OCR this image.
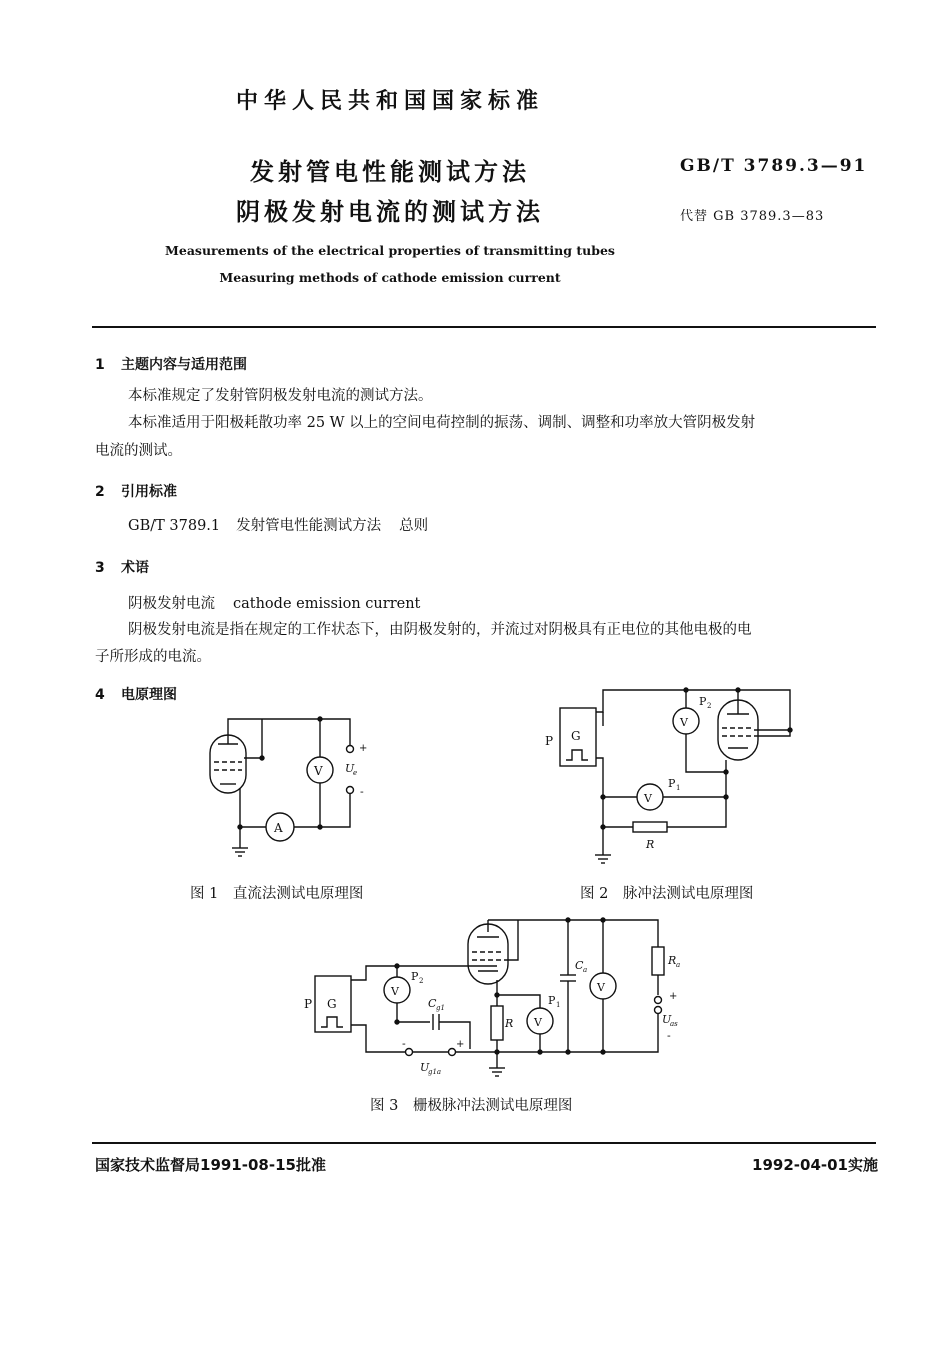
中华人民共和国国家标准
发射管电性能测试方法
阴极发射电流的测试方法
GB/T 3789.3—91
代替 GB 3789.3—83
Measurements of the electrical properties of transmitting tubes
Measuring methods of cathode emission current
1 主题内容与适用范围
本标准规定了发射管阴极发射电流的测试方法。
本标准适用于阳极耗散功率 25 W 以上的空间电荷控制的振荡、调制、调整和功率放大管阴极发射
电流的测试。
2 引用标准
GB/T 3789.1 发射管电性能测试方法 总则
3 术语
阴极发射电流 cathode emission current
阴极发射电流是指在规定的工作状态下，由阴极发射的，并流过对阴极具有正电位的其他电极的电
子所形成的电流。
4 电原理图
V
A
+
-
U
e
图 1　直流法测试电原理图
P G
V
V
P 2
P 1
R
图 2　脉冲法测试电原理图
P G
V
V
V
P 2
P 1
C g1
C a
R a
R
U
g1a
U
as
+
-
-	+
图 3　栅极脉冲法测试电原理图
国家技术监督局1991-08-15批准	1992-04-01实施
